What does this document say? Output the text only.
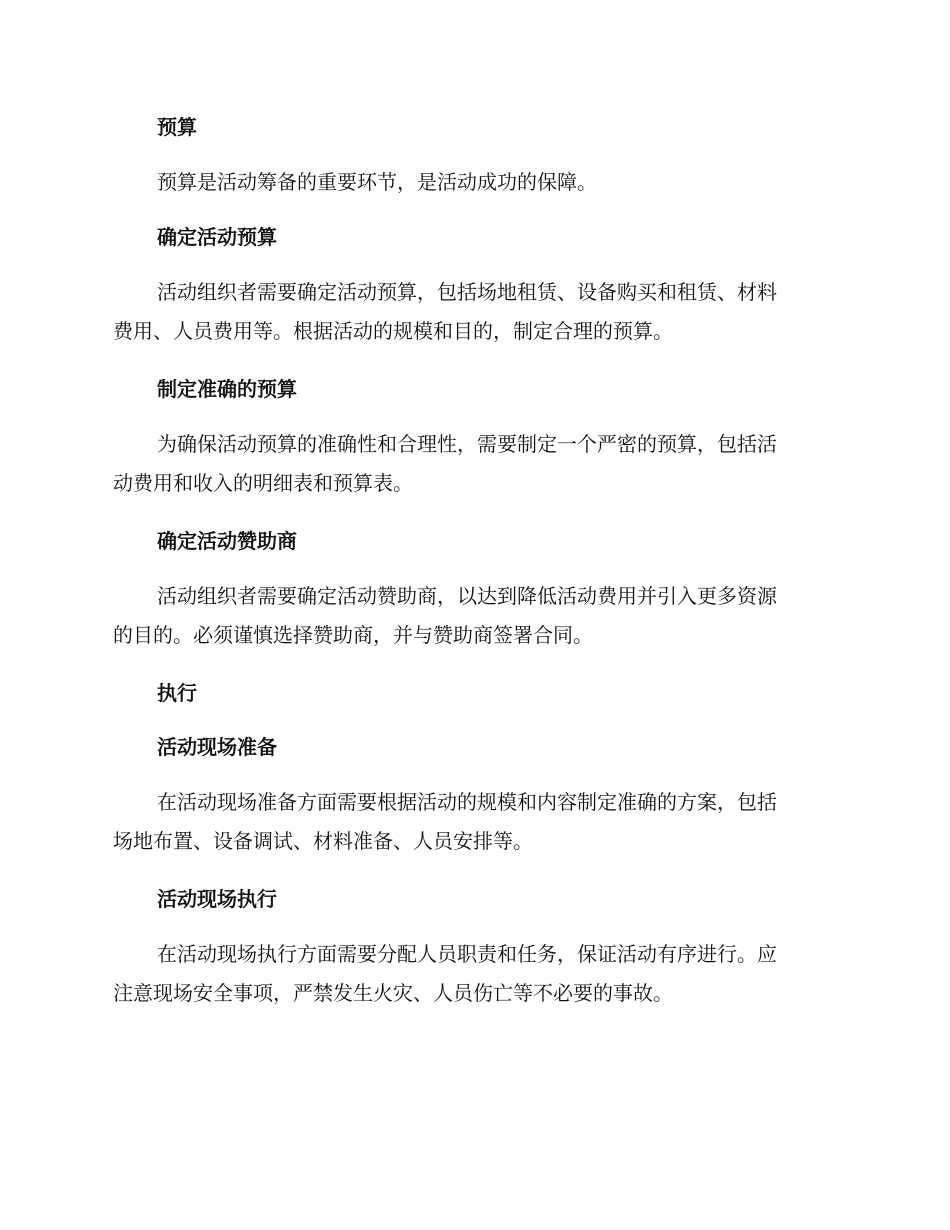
预算
预算是活动筹备的重要环节，是活动成功的保障。
确定活动预算
活动组织者需要确定活动预算，包括场地租赁、设备购买和租赁、材料
费用、人员费用等。根据活动的规模和目的，制定合理的预算。
制定准确的预算
为确保活动预算的准确性和合理性，需要制定一个严密的预算，包括活
动费用和收入的明细表和预算表。
确定活动赞助商
活动组织者需要确定活动赞助商，以达到降低活动费用并引入更多资源
的目的。必须谨慎选择赞助商，并与赞助商签署合同。
执行
活动现场准备
在活动现场准备方面需要根据活动的规模和内容制定准确的方案，包括
场地布置、设备调试、材料准备、人员安排等。
活动现场执行
在活动现场执行方面需要分配人员职责和任务，保证活动有序进行。应
注意现场安全事项，严禁发生火灾、人员伤亡等不必要的事故。
